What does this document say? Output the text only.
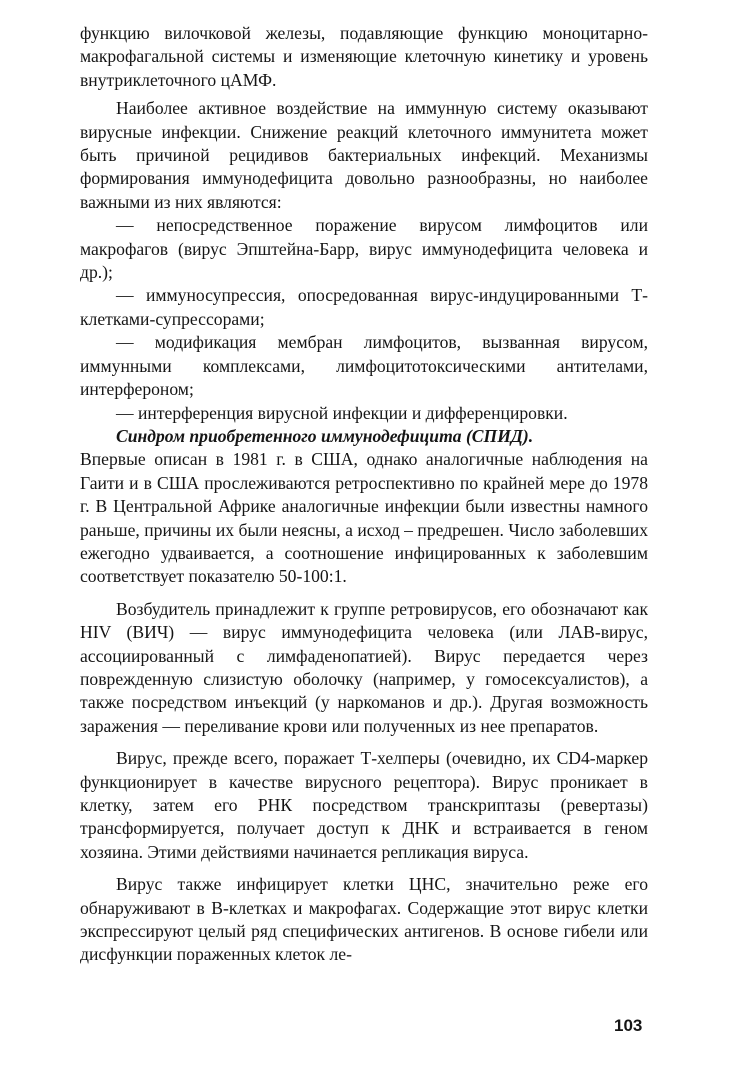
функцию вилочковой железы, подавляющие функцию моноцитарно-макрофагальной системы и изменяющие клеточную кинетику и уровень внутриклеточного цАМФ.

Наиболее активное воздействие на иммунную систему оказывают вирусные инфекции. Снижение реакций клеточного иммунитета может быть причиной рецидивов бактериальных инфекций. Механизмы формирования иммунодефицита довольно разнообразны, но наиболее важными из них являются:

— непосредственное поражение вирусом лимфоцитов или макрофагов (вирус Эпштейна-Барр, вирус иммунодефицита человека и др.);

— иммуносупрессия, опосредованная вирус-индуцированными Т-клетками-супрессорами;

— модификация мембран лимфоцитов, вызванная вирусом, иммунными комплексами, лимфоцитотоксическими антителами, интерфероном;

— интерференция вирусной инфекции и дифференцировки.

Синдром приобретенного иммунодефицита (СПИД).
Впервые описан в 1981 г. в США, однако аналогичные наблюдения на Гаити и в США прослеживаются ретроспективно по крайней мере до 1978 г. В Центральной Африке аналогичные инфекции были известны намного раньше, причины их были неясны, а исход – предрешен. Число заболевших ежегодно удваивается, а соотношение инфицированных к заболевшим соответствует показателю 50-100:1.

Возбудитель принадлежит к группе ретровирусов, его обозначают как HIV (ВИЧ) — вирус иммунодефицита человека (или ЛАВ-вирус, ассоциированный с лимфаденопатией). Вирус передается через поврежденную слизистую оболочку (например, у гомосексуалистов), а также посредством инъекций (у наркоманов и др.). Другая возможность заражения — переливание крови или полученных из нее препаратов.

Вирус, прежде всего, поражает Т-хелперы (очевидно, их CD4-маркер функционирует в качестве вирусного рецептора). Вирус проникает в клетку, затем его РНК посредством транскриптазы (ревертазы) трансформируется, получает доступ к ДНК и встраивается в геном хозяина. Этими действиями начинается репликация вируса.

Вирус также инфицирует клетки ЦНС, значительно реже его обнаруживают в В-клетках и макрофагах. Содержащие этот вирус клетки экспрессируют целый ряд специфических антигенов. В основе гибели или дисфункции пораженных клеток ле-

103
